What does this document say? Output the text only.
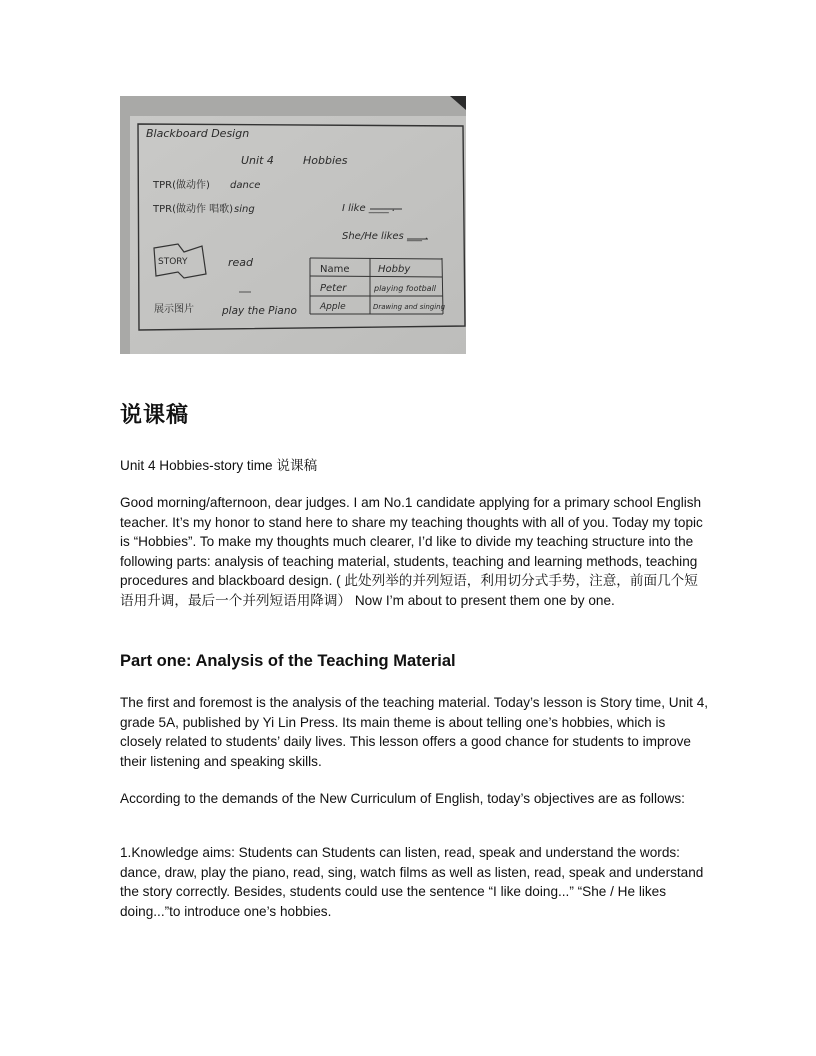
Blackboard Design
Unit 4	Hobbies
TPR(做动作) dance
TPR(做动作 唱歌) sing
STORY	read
展示图片	play the Piano
I like ____ .
She/He likes ___ .
Name	Hobby
Peter	playing football
Apple	Drawing and singing
说课稿

Unit 4 Hobbies-story time 说课稿

Good morning/afternoon, dear judges. I am No.1 candidate applying for a primary school English teacher. It’s my honor to stand here to share my teaching thoughts with all of you. Today my topic is “Hobbies”. To make my thoughts much clearer, I’d like to divide my teaching structure into the following parts: analysis of teaching material, students, teaching and learning methods, teaching procedures and blackboard design. ( 此处列举的并列短语，利用切分式手势，注意，前面几个短语用升调，最后一个并列短语用降调） Now I’m about to present them one by one.

Part one: Analysis of the Teaching Material

The first and foremost is the analysis of the teaching material. Today’s lesson is Story time, Unit 4, grade 5A, published by Yi Lin Press. Its main theme is about telling one’s hobbies, which is closely related to students’ daily lives. This lesson offers a good chance for students to improve their listening and speaking skills.

According to the demands of the New Curriculum of English, today’s objectives are as follows:

1.Knowledge aims: Students can Students can listen, read, speak and understand the words: dance, draw, play the piano, read, sing, watch films as well as listen, read, speak and understand the story correctly. Besides, students could use the sentence “I like doing...” “She / He likes doing...”to introduce one’s hobbies.
